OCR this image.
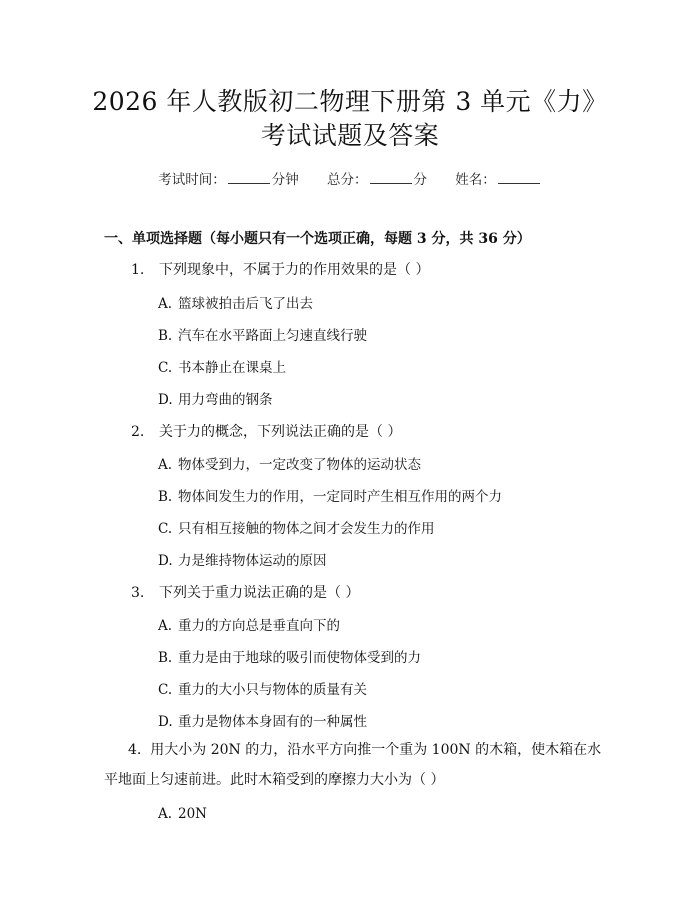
2026 年人教版初二物理下册第 3 单元《力》
考试试题及答案
考试时间：	分钟 总分：	分 姓名：
一、单项选择题（每小题只有一个选项正确，每题 3 分，共 36 分）
1. 下列现象中，不属于力的作用效果的是（ ）
A. 篮球被拍击后飞了出去
B. 汽车在水平路面上匀速直线行驶
C. 书本静止在课桌上
D. 用力弯曲的钢条
2. 关于力的概念，下列说法正确的是（ ）
A. 物体受到力，一定改变了物体的运动状态
B. 物体间发生力的作用，一定同时产生相互作用的两个力
C. 只有相互接触的物体之间才会发生力的作用
D. 力是维持物体运动的原因
3. 下列关于重力说法正确的是（ ）
A. 重力的方向总是垂直向下的
B. 重力是由于地球的吸引而使物体受到的力
C. 重力的大小只与物体的质量有关
D. 重力是物体本身固有的一种属性
4. 用大小为 20N 的力，沿水平方向推一个重为 100N 的木箱，使木箱在水平地面上匀速前进。此时木箱受到的摩擦力大小为（ ）
A. 20N
